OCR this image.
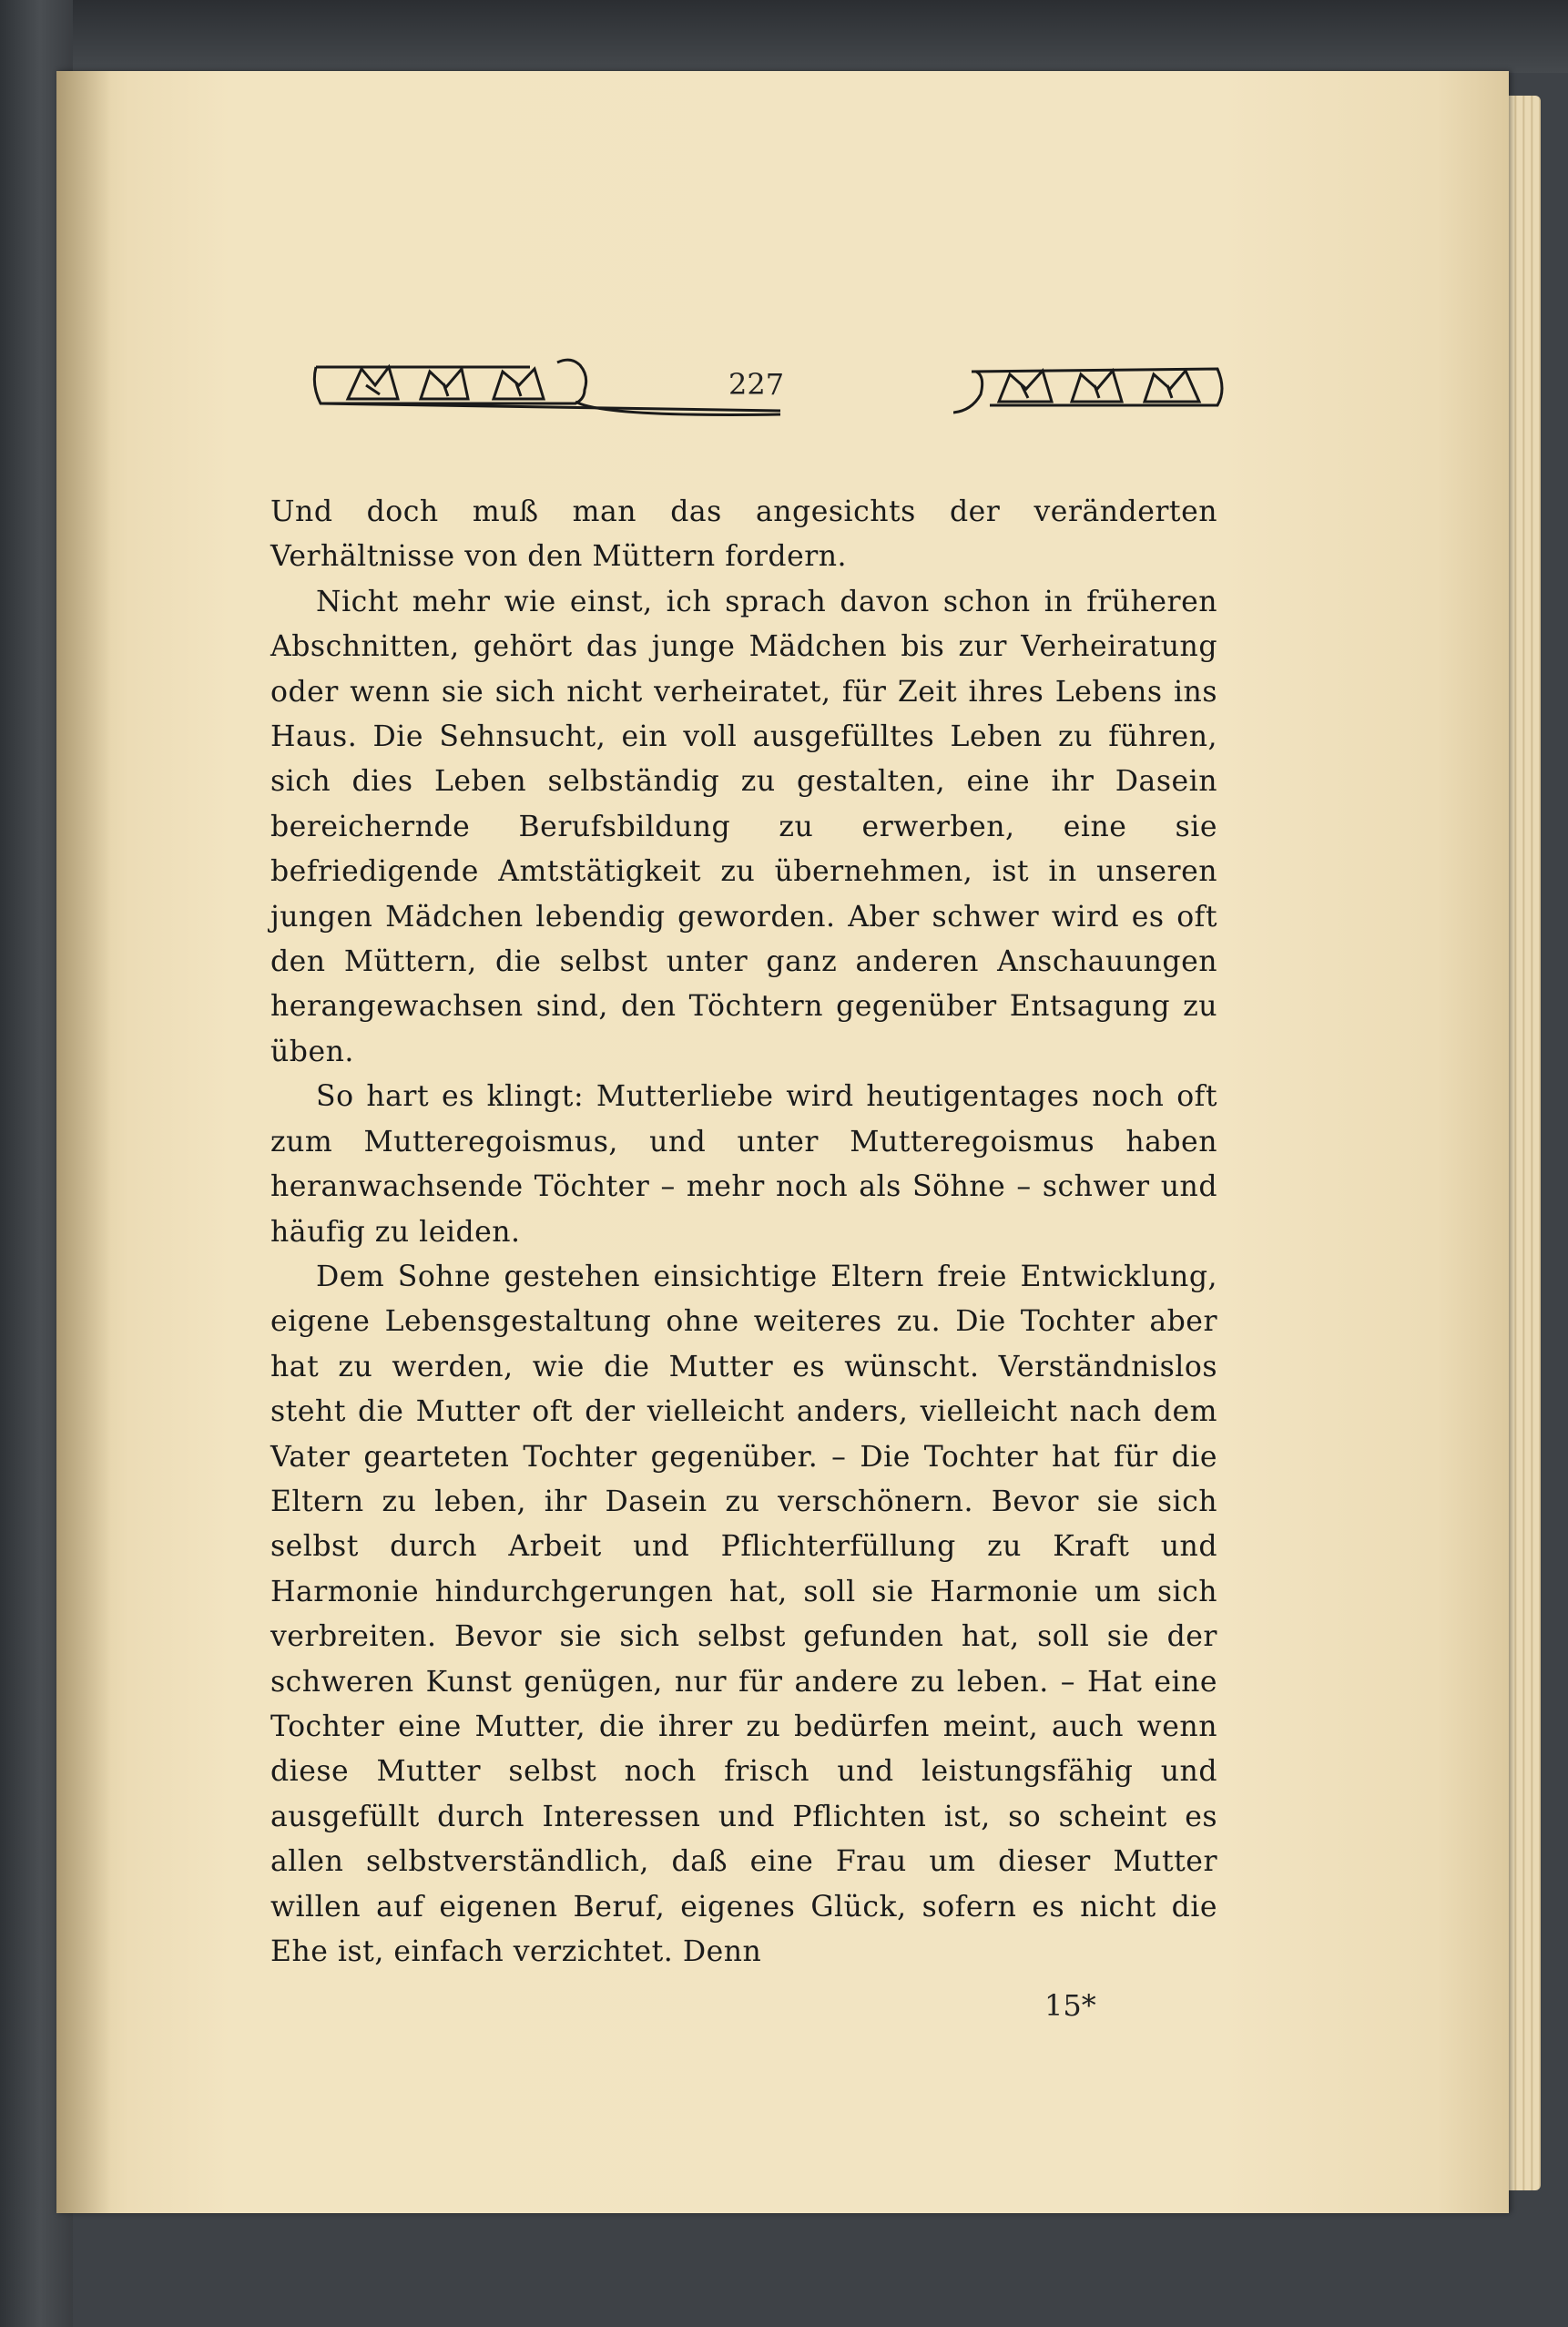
227

Und doch muß man das angesichts der veränderten Verhältnisse von den Müttern fordern.

Nicht mehr wie einst, ich sprach davon schon in früheren Abschnitten, gehört das junge Mädchen bis zur Verheiratung oder wenn sie sich nicht verheiratet, für Zeit ihres Lebens ins Haus. Die Sehnsucht, ein voll ausgefülltes Leben zu führen, sich dies Leben selbständig zu gestalten, eine ihr Dasein bereichernde Berufsbildung zu erwerben, eine sie befriedigende Amtstätigkeit zu übernehmen, ist in unseren jungen Mädchen lebendig geworden. Aber schwer wird es oft den Müttern, die selbst unter ganz anderen Anschauungen herangewachsen sind, den Töchtern gegenüber Entsagung zu üben.

So hart es klingt: Mutterliebe wird heutigentages noch oft zum Mutteregoismus, und unter Mutteregoismus haben heranwachsende Töchter – mehr noch als Söhne – schwer und häufig zu leiden.

Dem Sohne gestehen einsichtige Eltern freie Entwicklung, eigene Lebensgestaltung ohne weiteres zu. Die Tochter aber hat zu werden, wie die Mutter es wünscht. Verständnislos steht die Mutter oft der vielleicht anders, vielleicht nach dem Vater gearteten Tochter gegenüber. – Die Tochter hat für die Eltern zu leben, ihr Dasein zu verschönern. Bevor sie sich selbst durch Arbeit und Pflichterfüllung zu Kraft und Harmonie hindurchgerungen hat, soll sie Harmonie um sich verbreiten. Bevor sie sich selbst gefunden hat, soll sie der schweren Kunst genügen, nur für andere zu leben. – Hat eine Tochter eine Mutter, die ihrer zu bedürfen meint, auch wenn diese Mutter selbst noch frisch und leistungsfähig und ausgefüllt durch Interessen und Pflichten ist, so scheint es allen selbstverständlich, daß eine Frau um dieser Mutter willen auf eigenen Beruf, eigenes Glück, sofern es nicht die Ehe ist, einfach verzichtet. Denn

15*
